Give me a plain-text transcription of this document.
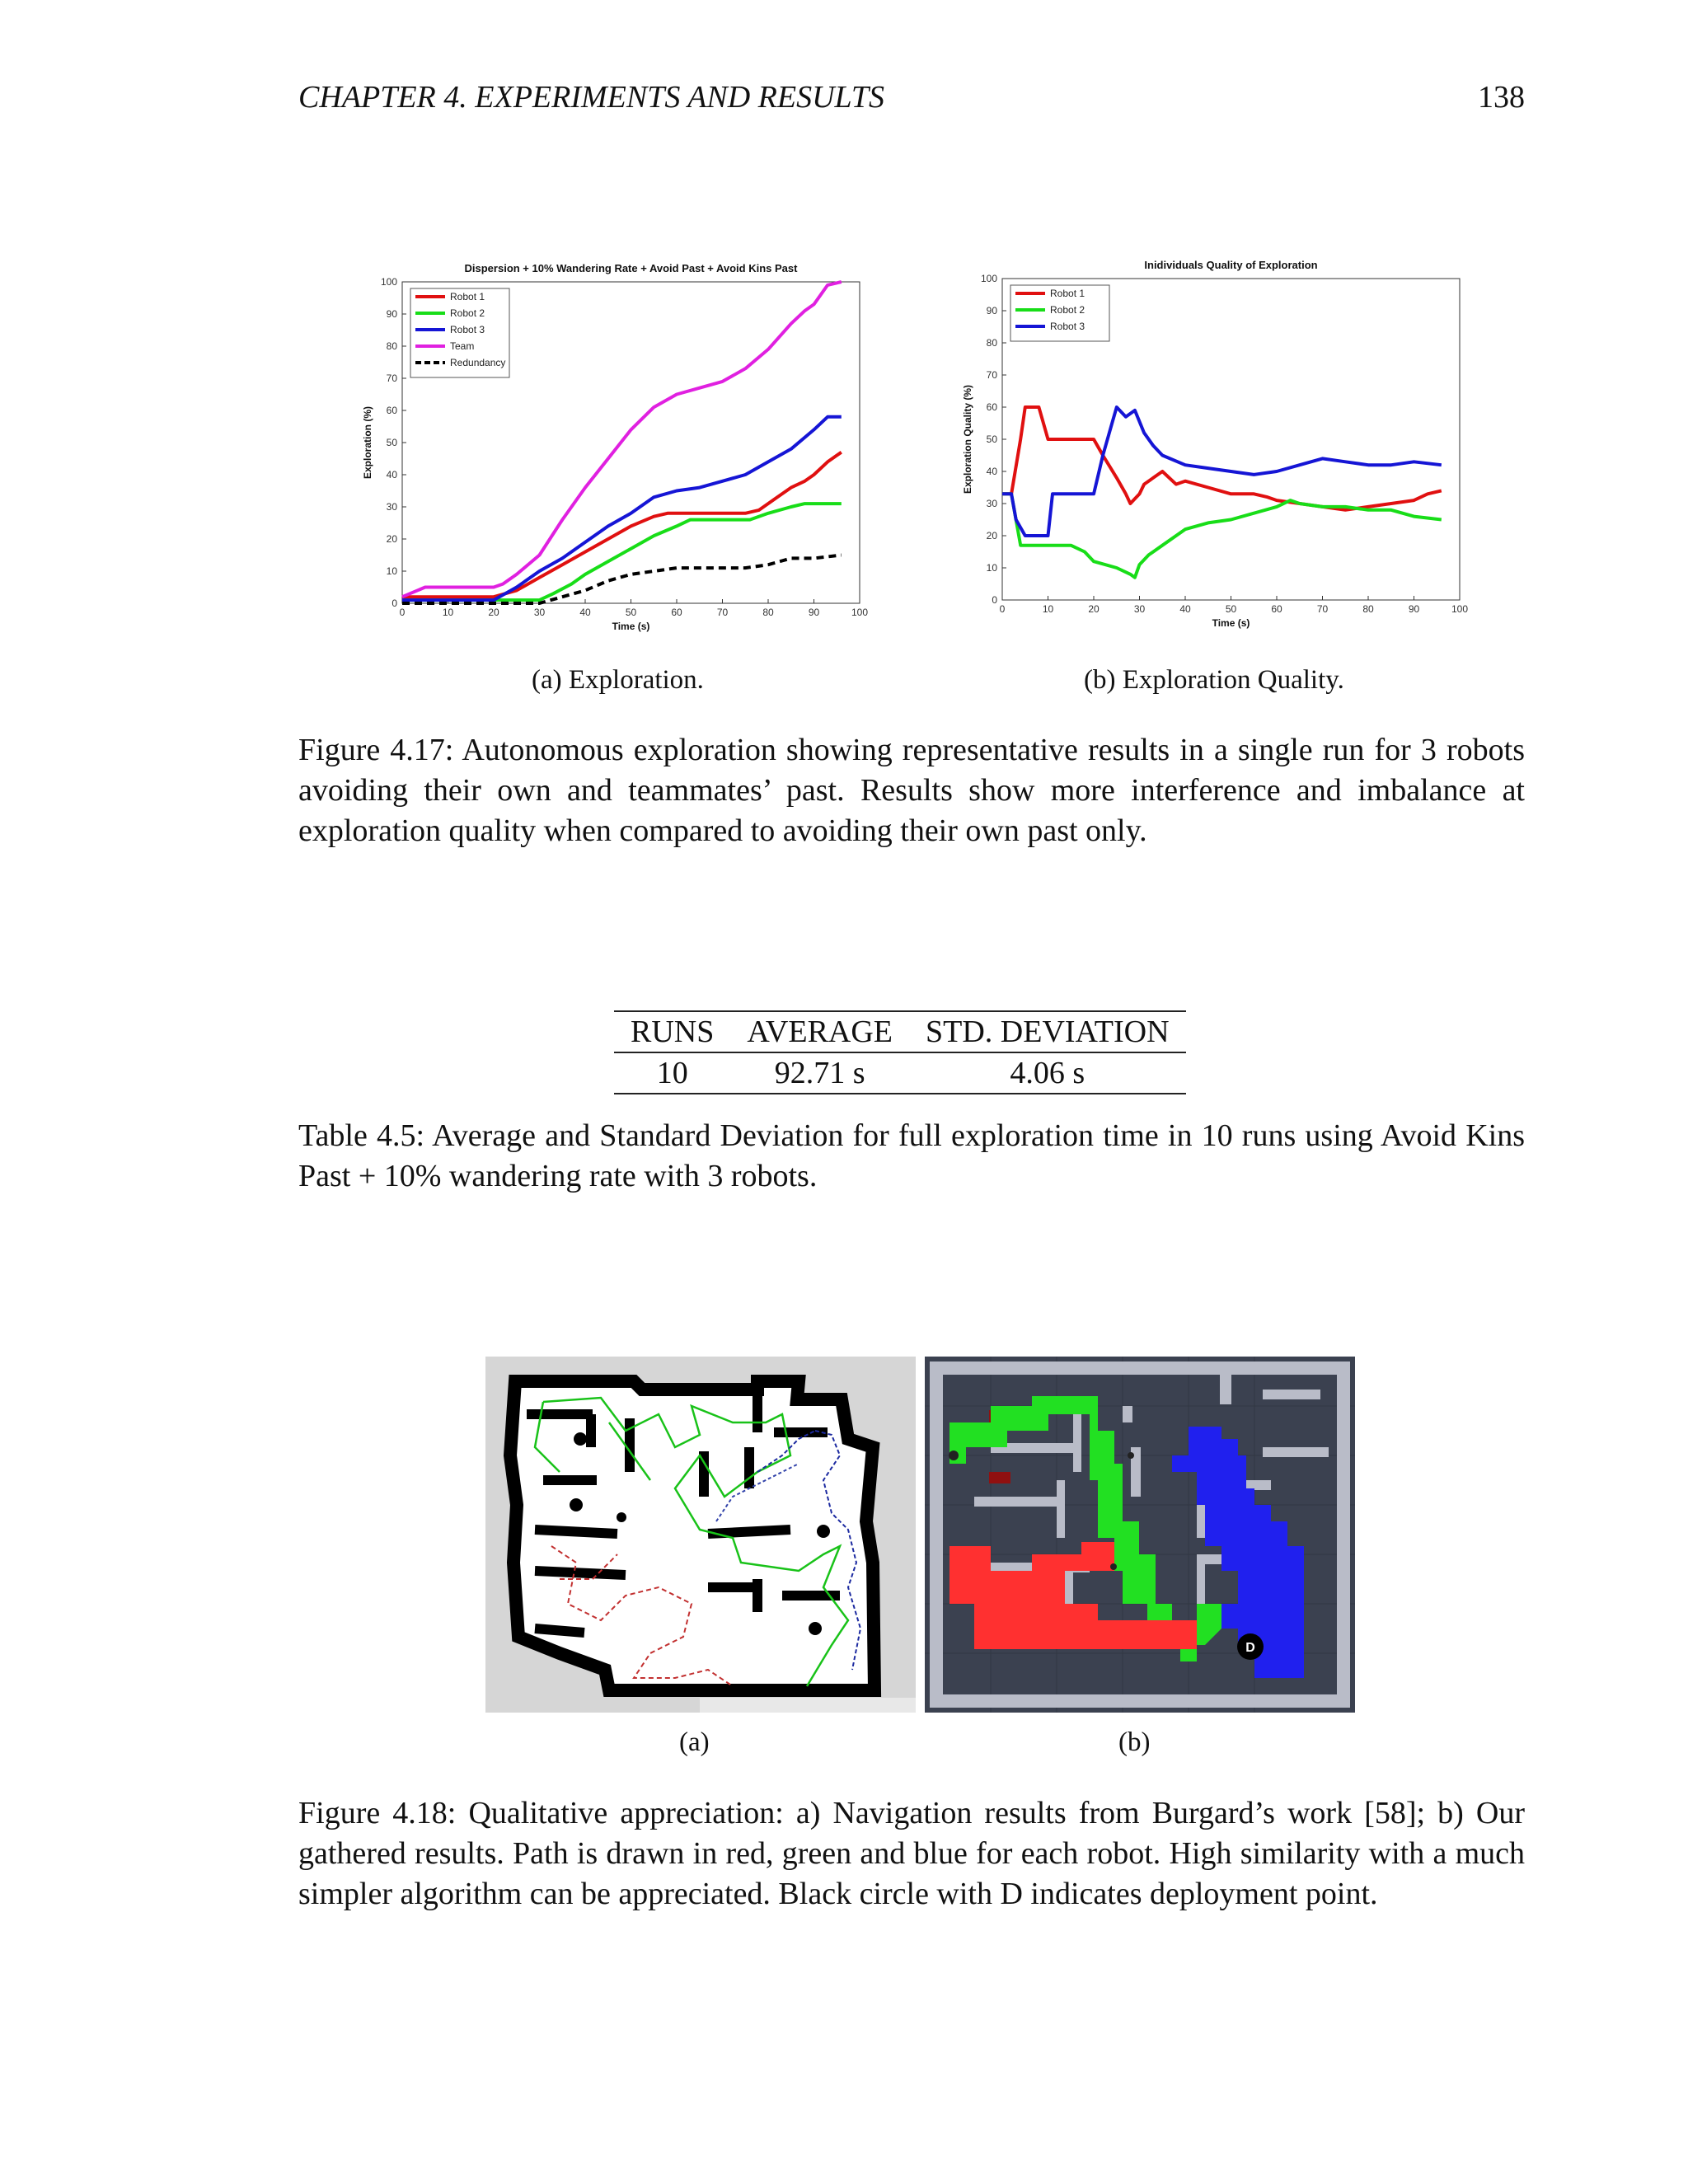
CHAPTER 4. EXPERIMENTS AND RESULTS	138
Dispersion + 10% Wandering Rate + Avoid Past + Avoid Kins Past
0	10	20	30	40	50	60	70	80	90	100
0
10
20
30
40
50
60
70
80
90
100
Time (s)
Exploration (%)
Robot 1
Robot 2
Robot 3
Team
Redundancy
Inidividuals Quality of Exploration
0	10	20	30	40	50	60	70	80	90	100
0
10
20
30
40
50
60
70
80
90
100
Time (s)
Exploration Quality (%)
Robot 1
Robot 2
Robot 3
(a) Exploration.	(b) Exploration Quality.
Figure 4.17: Autonomous exploration showing representative results in a single run for 3 robots avoiding their own and teammates’ past. Results show more interference and imbalance at exploration quality when compared to avoiding their own past only.
RUNS	AVERAGE	STD. DEVIATION
10	92.71 s	4.06 s
Table 4.5: Average and Standard Deviation for full exploration time in 10 runs using Avoid Kins Past + 10% wandering rate with 3 robots.
D
(a)	(b)
Figure 4.18: Qualitative appreciation: a) Navigation results from Burgard’s work [58]; b) Our gathered results. Path is drawn in red, green and blue for each robot. High similarity with a much simpler algorithm can be appreciated. Black circle with D indicates deployment point.
